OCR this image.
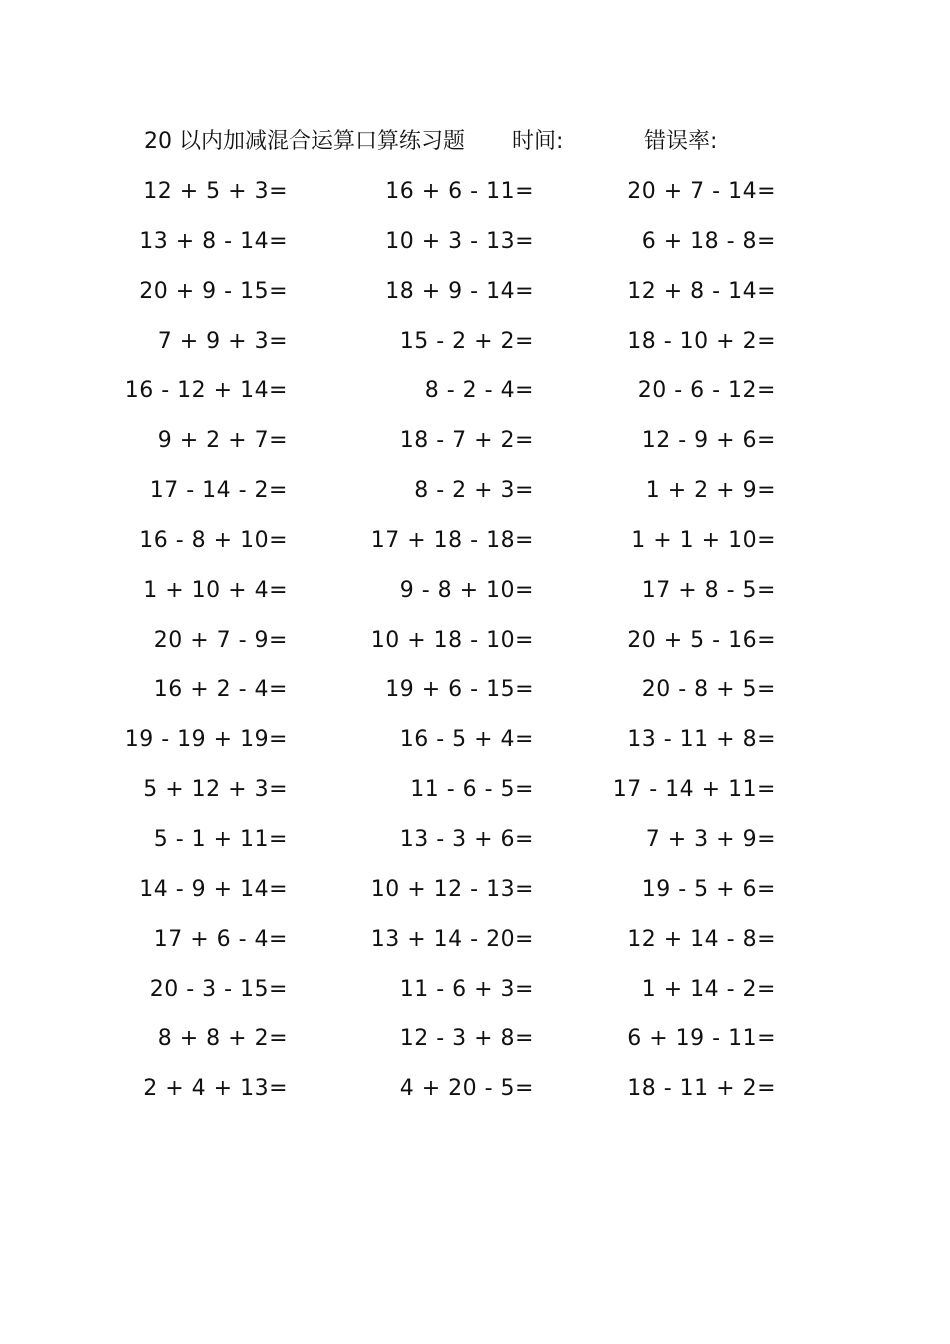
20 以内加减混合运算口算练习题 时间:	错误率:
12 + 5 + 3=	16 + 6 - 11=	20 + 7 - 14=
13 + 8 - 14=	10 + 3 - 13=	6 + 18 - 8=
20 + 9 - 15=	18 + 9 - 14=	12 + 8 - 14=
7 + 9 + 3=	15 - 2 + 2=	18 - 10 + 2=
16 - 12 + 14=	8 - 2 - 4=	20 - 6 - 12=
9 + 2 + 7=	18 - 7 + 2=	12 - 9 + 6=
17 - 14 - 2=	8 - 2 + 3=	1 + 2 + 9=
16 - 8 + 10=	17 + 18 - 18=	1 + 1 + 10=
1 + 10 + 4=	9 - 8 + 10=	17 + 8 - 5=
20 + 7 - 9=	10 + 18 - 10=	20 + 5 - 16=
16 + 2 - 4=	19 + 6 - 15=	20 - 8 + 5=
19 - 19 + 19=	16 - 5 + 4=	13 - 11 + 8=
5 + 12 + 3=	11 - 6 - 5=	17 - 14 + 11=
5 - 1 + 11=	13 - 3 + 6=	7 + 3 + 9=
14 - 9 + 14=	10 + 12 - 13=	19 - 5 + 6=
17 + 6 - 4=	13 + 14 - 20=	12 + 14 - 8=
20 - 3 - 15=	11 - 6 + 3=	1 + 14 - 2=
8 + 8 + 2=	12 - 3 + 8=	6 + 19 - 11=
2 + 4 + 13=	4 + 20 - 5=	18 - 11 + 2=
